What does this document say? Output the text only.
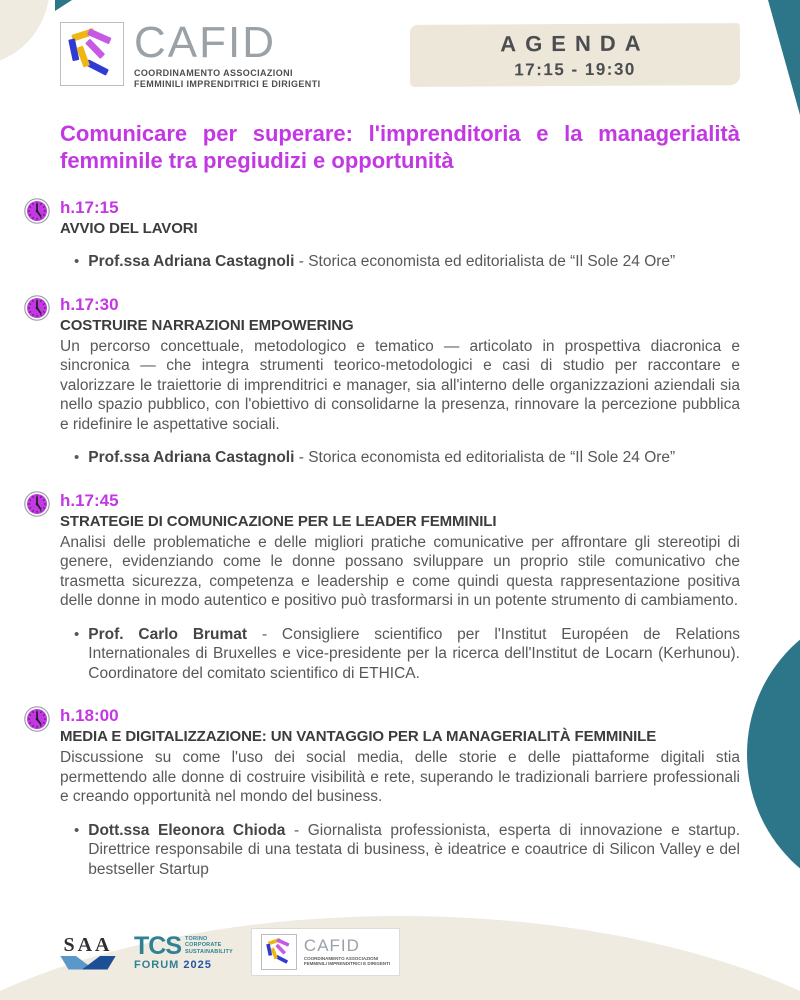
CAFID
COORDINAMENTO ASSOCIAZIONI
FEMMINILI IMPRENDITRICI E DIRIGENTI
AGENDA
17:15 - 19:30
Comunicare per superare: l'imprenditoria e la managerialità femminile tra pregiudizi e opportunità
h.17:15
AVVIO DEL LAVORI
• Prof.ssa Adriana Castagnoli - Storica economista ed editorialista de “Il Sole 24 Ore”

h.17:30
COSTRUIRE NARRAZIONI EMPOWERING

Un percorso concettuale, metodologico e tematico — articolato in prospettiva diacronica e sincronica — che integra strumenti teorico-metodologici e casi di studio per raccontare e valorizzare le traiettorie di imprenditrici e manager, sia all'interno delle organizzazioni aziendali sia nello spazio pubblico, con l'obiettivo di consolidarne la presenza, rinnovare la percezione pubblica e ridefinire le aspettative sociali.

• Prof.ssa Adriana Castagnoli - Storica economista ed editorialista de “Il Sole 24 Ore”

h.17:45
STRATEGIE DI COMUNICAZIONE PER LE LEADER FEMMINILI

Analisi delle problematiche e delle migliori pratiche comunicative per affrontare gli stereotipi di genere, evidenziando come le donne possano sviluppare un proprio stile comunicativo che trasmetta sicurezza, competenza e leadership e come quindi questa rappresentazione positiva delle donne in modo autentico e positivo può trasformarsi in un potente strumento di cambiamento.

• Prof. Carlo Brumat - Consigliere scientifico per l'Institut Européen de Relations Internationales di Bruxelles e vice-presidente per la ricerca dell'Institut de Locarn (Kerhunou). Coordinatore del comitato scientifico di ETHICA.

h.18:00
MEDIA E DIGITALIZZAZIONE: UN VANTAGGIO PER LA MANAGERIALITÀ FEMMINILE

Discussione su come l'uso dei social media, delle storie e delle piattaforme digitali stia permettendo alle donne di costruire visibilità e rete, superando le tradizionali barriere professionali e creando opportunità nel mondo del business.

• Dott.ssa Eleonora Chioda - Giornalista professionista, esperta di innovazione e startup. Direttrice responsabile di una testata di business, è ideatrice e coautrice di Silicon Valley e del bestseller Startup

SAA TCS TORINO
CORPORATE
SUSTAINABILITY
FORUM 2025
CAFID
COORDINAMENTO ASSOCIAZIONI
FEMMINILI IMPRENDITRICI E DIRIGENTI
